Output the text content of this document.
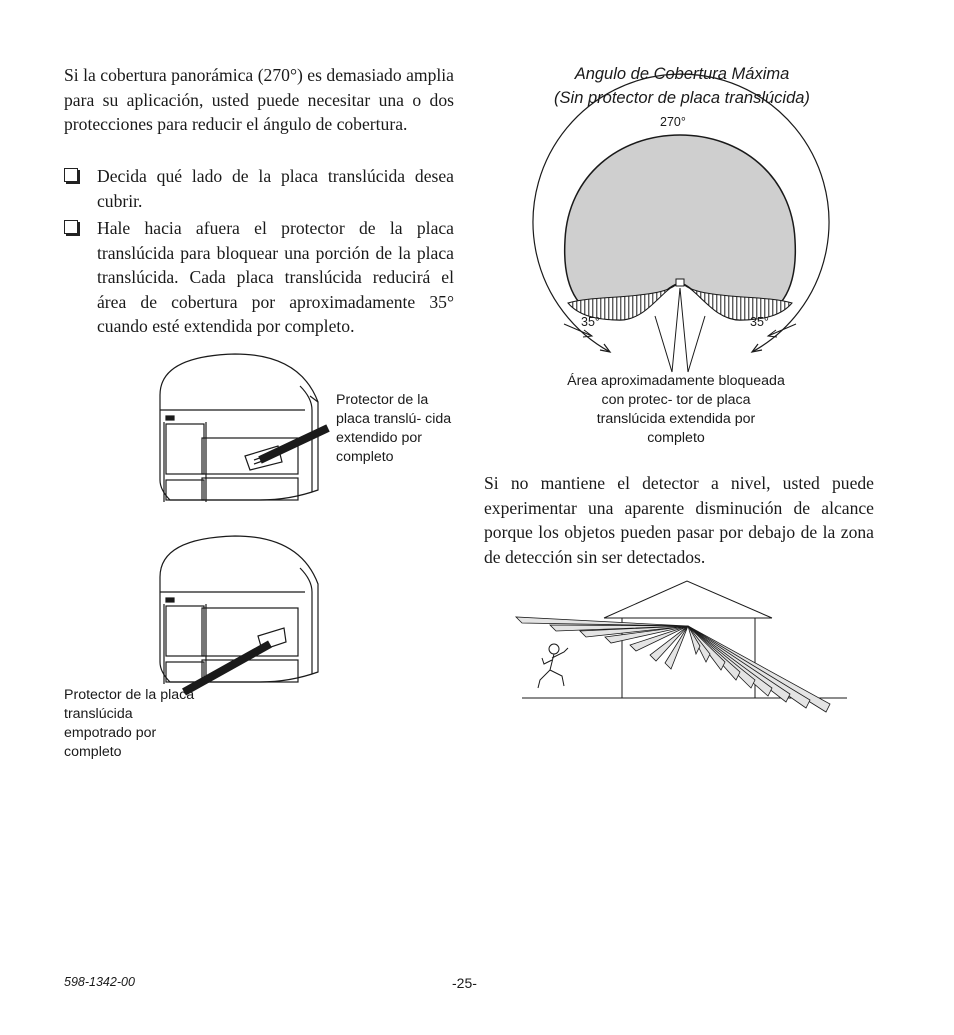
Si la cobertura panorámica (270°) es demasiado amplia para su aplicación, usted puede necesitar una o dos protecciones para reducir el ángulo de cobertura.
Decida qué lado de la placa translúcida desea cubrir.
Hale hacia afuera el protector de la placa translúcida para bloquear una porción de la placa translúcida. Cada placa translúcida reducirá el área de cobertura por aproximadamente 35° cuando esté extendida por completo.
Protector de la placa translú- cida extendido por completo
Protector de la placa translúcida empotrado por completo
Angulo de Cobertura Máxima
(Sin protector de placa translúcida)
270°
35°	35°
Área aproximadamente bloqueada con protec- tor de placa translúcida extendida por completo
Si no mantiene el detector a nivel, usted puede experimentar una aparente disminución de alcance porque los objetos pueden pasar por debajo de la zona de detección sin ser detectados.
598-1342-00	-25-
